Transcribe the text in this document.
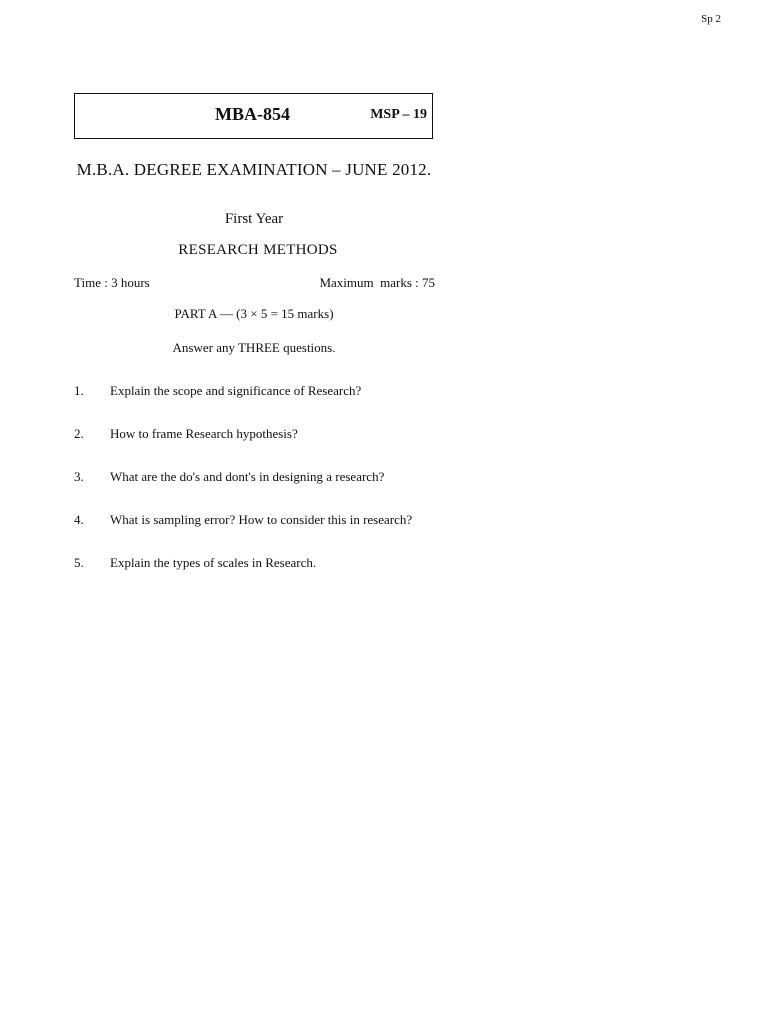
Sp 2
MBA-854	MSP – 19
M.B.A. DEGREE EXAMINATION – JUNE 2012.
First Year
RESEARCH METHODS
Time : 3 hours	Maximum  marks : 75
PART A — (3 × 5 = 15 marks)
Answer any THREE questions.
1.	Explain the scope and significance of Research?
2.	How to frame Research hypothesis?
3.	What are the do's and dont's in designing a research?
4.	What is sampling error? How to consider this in research?
5.	Explain the types of scales in Research.
